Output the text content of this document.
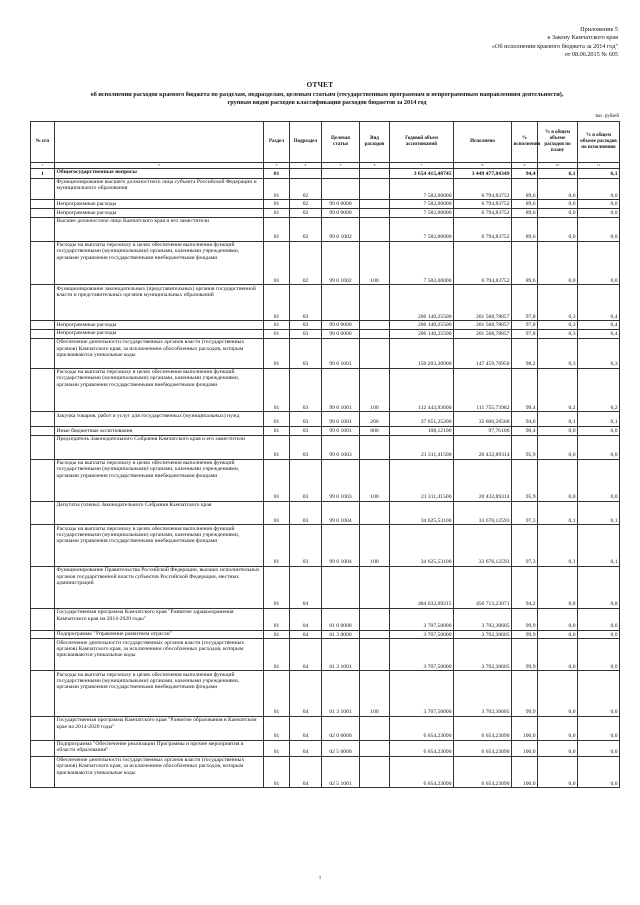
Приложение 5
к Закону Камчатского края
«Об исполнении краевого бюджета за 2014 год"
от 08.06.2015 № 605
ОТЧЕТ
об исполнении расходов краевого бюджета по разделам, подразделам, целевым статьям (государственным программам и непрограммным направлениям деятельности),
группам видов расходов классификации расходов бюджетов за 2014 год
тыс. рублей
№ п/п		Раздел	Подраздел	Целевая статья	Вид расходов	Годовой объем ассигнований	Исполнено	% исполнения	% в общем объеме расходов по плану	% в общем объеме расходов по исполнению
1	2	3	4	5	6	7	8	9	10	11
1	Общегосударственные вопросы	01				3 654 415,48745	3 449 477,84349	94,4	6,1	6,1
	Функционирование высшего должностного лица субъекта Российской Федерации и муниципального образования	01	02			7 582,00000	6 794,83752	89,6	0,0	0,0
	Непрограммные расходы	01	02	99 0 0000		7 582,00000	6 794,83752	89,6	0,0	0,0
	Непрограммные расходы	01	02	99 0 0000		7 582,00000	6 794,83752	89,6	0,0	0,0
	Высшее должностное лицо Камчатского края и его заместители	01	02	99 0 1002		7 582,00000	6 794,83752	89,6	0,0	0,0
	Расходы на выплаты персоналу в целях обеспечения выполнения функций государственными (муниципальными) органами, казенными учреждениями, органами управления государственными внебюджетными фондами	01	02	99 0 1002	100	7 582,00000	6 794,83752	89,6	0,0	0,0
	Функционирование законодательных (представительных) органов государственной власти и представительных органов муниципальных образований	01	03			206 140,25500	201 568,78857	97,8	0,3	0,4
	Непрограммные расходы	01	03	99 0 0000		206 140,25500	201 568,78857	97,8	0,3	0,4
	Непрограммные расходы	01	03	99 0 0000		206 140,25500	201 568,78857	97,8	0,3	0,4
	Обеспечение деятельности государственных органов власти (государственных органов) Камчатского края, за исключением обособленных расходов, которым присваиваются уникальные коды	01	03	99 0 1001		150 203,30900	147 459,76950	98,2	0,3	0,3
	Расходы на выплаты персоналу в целях обеспечения выполнения функций государственными (муниципальными) органами, казенными учреждениями, органами управления государственными внебюджетными фондами	01	03	99 0 1001	100	112 443,93600	111 755,73982	99,4	0,2	0,2
	Закупка товаров, работ и услуг для государственных (муниципальных) нужд	01	03	99 0 1001	200	37 651,25200	35 606,26568	94,6	0,1	0,1
	Иные бюджетные ассигнования	01	03	99 0 1001	800	108,12100	97,76100	90,4	0,0	0,0
	Председатель Законодательного Собрания Камчатского края и его заместители	01	03	99 0 1003		21 311,41500	20 432,89314	95,9	0,0	0,0
	Расходы на выплаты персоналу в целях обеспечения выполнения функций государственными (муниципальными) органами, казенными учреждениями, органами управления государственными внебюджетными фондами	01	03	99 0 1003	100	21 311,41500	20 432,89314	95,9	0,0	0,0
	Депутаты (члены) Законодательного Собрания Камчатского края	01	03	99 0 1004		34 625,53100	33 676,12593	97,3	0,1	0,1
	Расходы на выплаты персоналу в целях обеспечения выполнения функций государственными (муниципальными) органами, казенными учреждениями, органами управления государственными внебюджетными фондами	01	03	99 0 1004	100	34 625,53100	33 676,12593	97,3	0,1	0,1
	Функционирование Правительства Российской Федерации, высших исполнительных органов государственной власти субъектов Российской Федерации, местных администраций	01	04			484 632,09215	456 713,23071	94,2	0,8	0,8
	Государственная программа Камчатского края "Развитие здравоохранения Камчатского края на 2014-2020 годы"	01	04	01 0 0000		3 707,50000	3 702,30605	99,9	0,0	0,0
	Подпрограмма "Управление развитием отрасли"	01	04	01 3 0000		3 707,50000	3 702,30605	99,9	0,0	0,0
	Обеспечение деятельности государственных органов власти (государственных органов) Камчатского края, за исключением обособленных расходов, которым присваиваются уникальные коды	01	04	01 3 1001		3 707,50000	3 702,30605	99,9	0,0	0,0
	Расходы на выплаты персоналу в целях обеспечения выполнения функций государственными (муниципальными) органами, казенными учреждениями, органами управления государственными внебюджетными фондами	01	04	01 3 1001	100	3 707,50000	3 702,30605	99,9	0,0	0,0
	Государственная программа Камчатского края "Развитие образования в Камчатском крае на 2014-2020 годы"	01	04	02 0 0000		6 654,23090	6 654,23090	100,0	0,0	0,0
	Подпрограмма "Обеспечение реализации Программы и прочие мероприятия в области образования"	01	04	02 5 0000		6 654,23090	6 654,23090	100,0	0,0	0,0
	Обеспечение деятельности государственных органов власти (государственных органов) Камчатского края, за исключением обособленных расходов, которым присваиваются уникальные коды	01	04	02 5 1001		6 654,23090	6 654,23090	100,0	0,0	0,0
1
